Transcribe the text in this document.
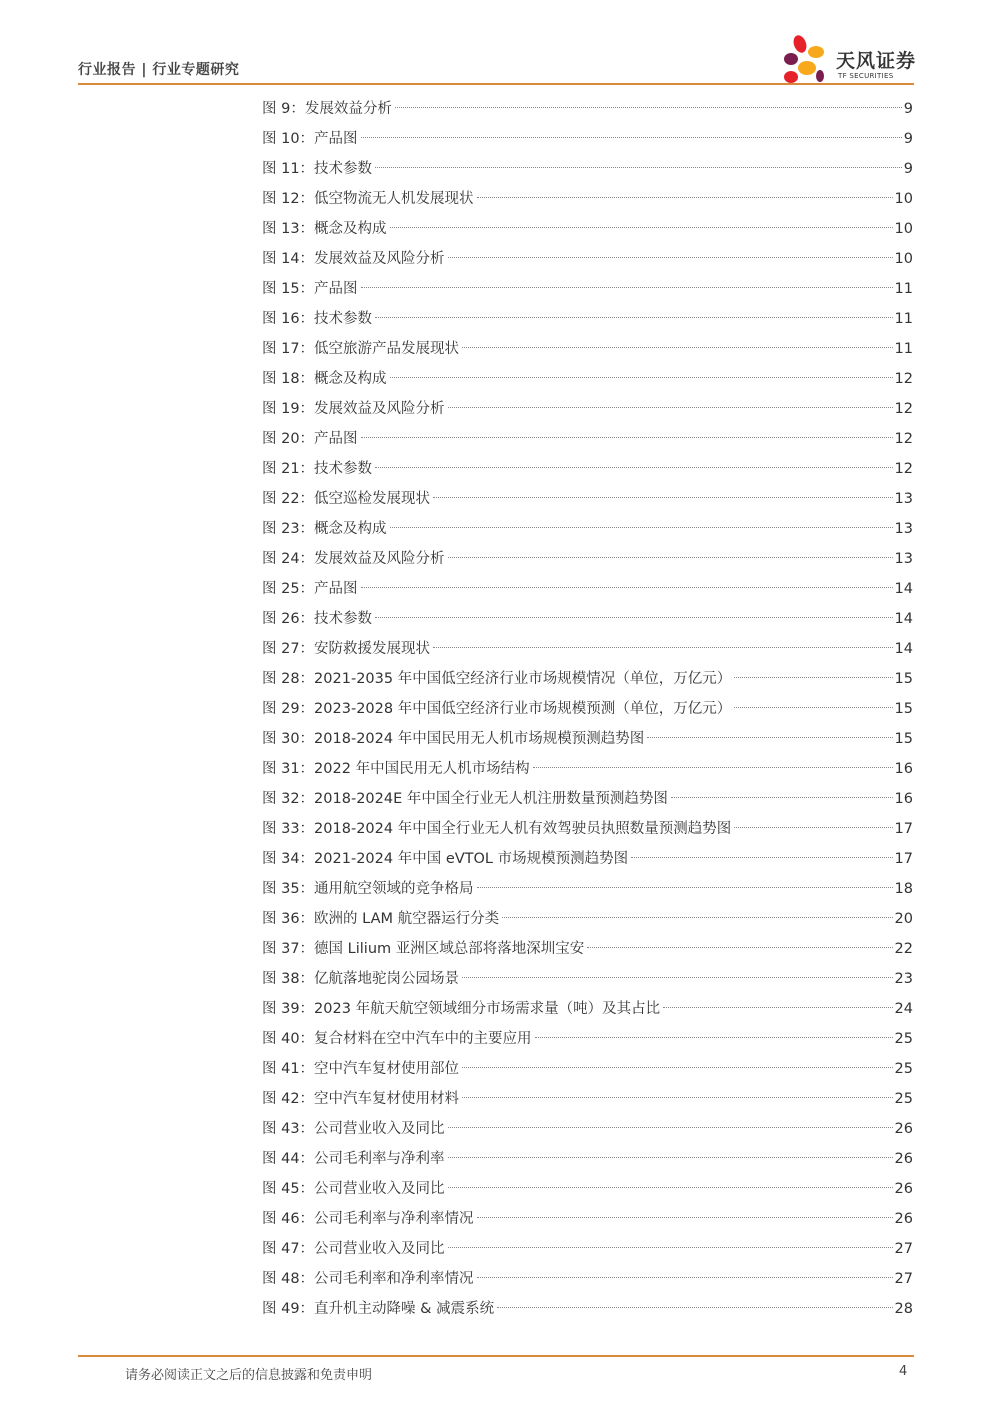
行业报告 | 行业专题研究	天风证券
TF SECURITIES
图 9：发展效益分析	9
图 10：产品图	9
图 11：技术参数	9
图 12：低空物流无人机发展现状	10
图 13：概念及构成	10
图 14：发展效益及风险分析	10
图 15：产品图	11
图 16：技术参数	11
图 17：低空旅游产品发展现状	11
图 18：概念及构成	12
图 19：发展效益及风险分析	12
图 20：产品图	12
图 21：技术参数	12
图 22：低空巡检发展现状	13
图 23：概念及构成	13
图 24：发展效益及风险分析	13
图 25：产品图	14
图 26：技术参数	14
图 27：安防救援发展现状	14
图 28：2021-2035 年中国低空经济行业市场规模情况（单位，万亿元）	15
图 29：2023-2028 年中国低空经济行业市场规模预测（单位，万亿元）	15
图 30：2018-2024 年中国民用无人机市场规模预测趋势图	15
图 31：2022 年中国民用无人机市场结构	16
图 32：2018-2024E 年中国全行业无人机注册数量预测趋势图	16
图 33：2018-2024 年中国全行业无人机有效驾驶员执照数量预测趋势图	17
图 34：2021-2024 年中国 eVTOL 市场规模预测趋势图	17
图 35：通用航空领域的竞争格局	18
图 36：欧洲的 LAM 航空器运行分类	20
图 37：德国 Lilium 亚洲区域总部将落地深圳宝安	22
图 38：亿航落地驼岗公园场景	23
图 39：2023 年航天航空领域细分市场需求量（吨）及其占比	24
图 40：复合材料在空中汽车中的主要应用	25
图 41：空中汽车复材使用部位	25
图 42：空中汽车复材使用材料	25
图 43：公司营业收入及同比	26
图 44：公司毛利率与净利率	26
图 45：公司营业收入及同比	26
图 46：公司毛利率与净利率情况	26
图 47：公司营业收入及同比	27
图 48：公司毛利率和净利率情况	27
图 49：直升机主动降噪 & 减震系统	28
请务必阅读正文之后的信息披露和免责申明	4
